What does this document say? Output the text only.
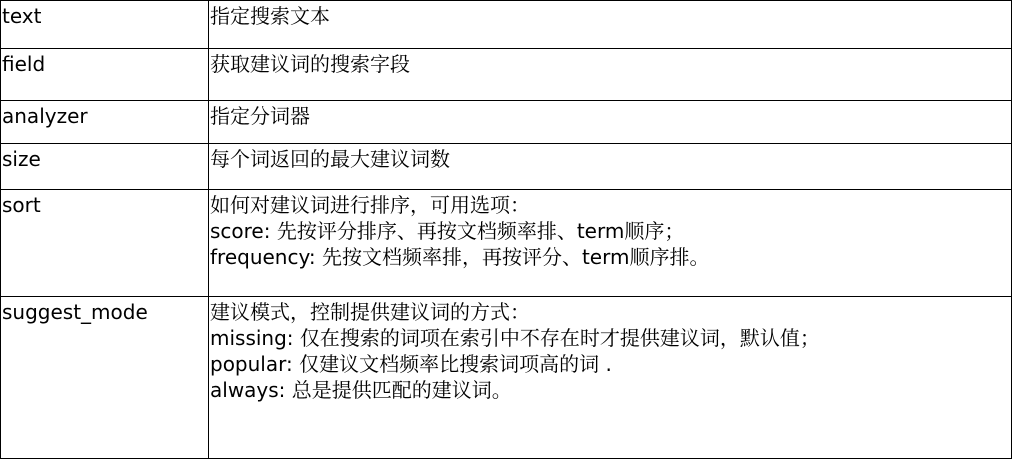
text	指定搜索文本

field	获取建议词的搜索字段

analyzer	指定分词器

size	每个词返回的最大建议词数

sort	如何对建议词进行排序，可用选项：
score: 先按评分排序、再按文档频率排、term顺序；
frequency: 先按文档频率排，再按评分、term顺序排。

suggest_mode	建议模式，控制提供建议词的方式：
missing: 仅在搜索的词项在索引中不存在时才提供建议词，默认值；
popular: 仅建议文档频率比搜索词项高的词 .
always: 总是提供匹配的建议词。
